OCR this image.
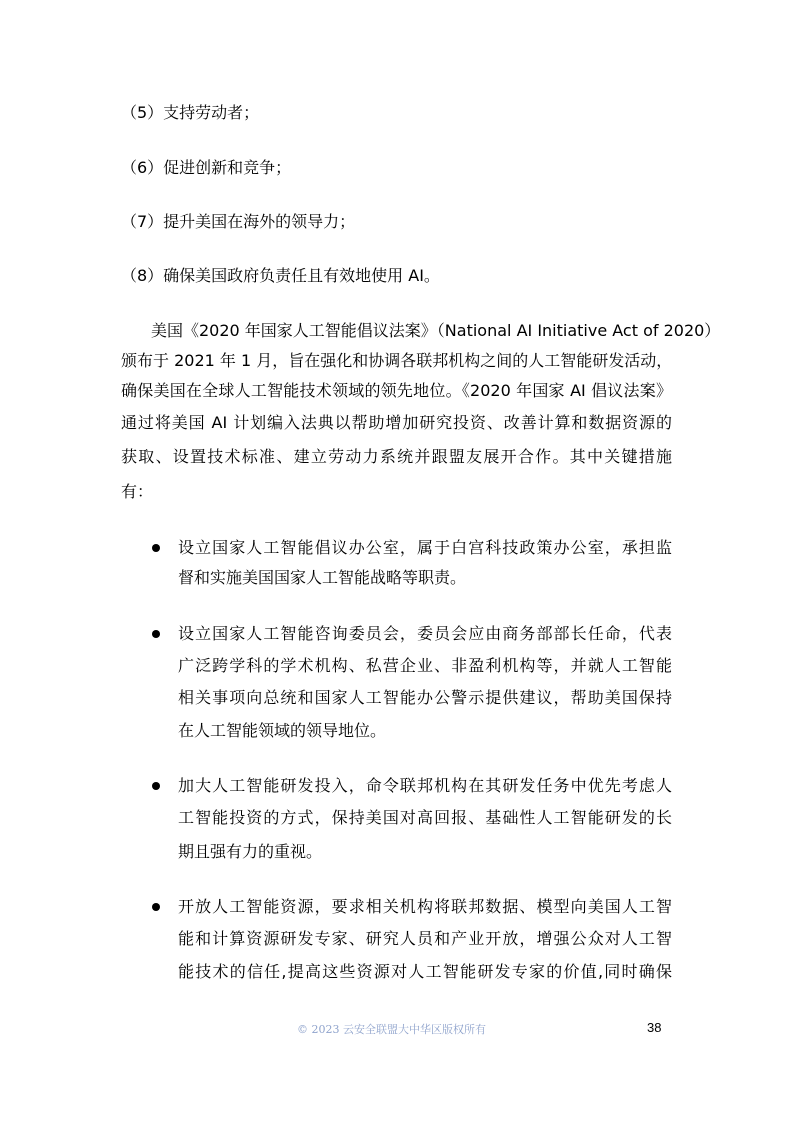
（5）支持劳动者；
（6）促进创新和竞争；
（7）提升美国在海外的领导力；
（8）确保美国政府负责任且有效地使用 AI。
美国《2020 年国家人工智能倡议法案》（National AI Initiative Act of 2020）
颁布于 2021 年 1 月，旨在强化和协调各联邦机构之间的人工智能研发活动，
确保美国在全球人工智能技术领域的领先地位。《2020 年国家 AI 倡议法案》
通过将美国 AI 计划编入法典以帮助增加研究投资、改善计算和数据资源的
获取、设置技术标准、建立劳动力系统并跟盟友展开合作。其中关键措施
有：
设立国家人工智能倡议办公室，属于白宫科技政策办公室，承担监
督和实施美国国家人工智能战略等职责。
设立国家人工智能咨询委员会，委员会应由商务部部长任命，代表
广泛跨学科的学术机构、私营企业、非盈利机构等，并就人工智能
相关事项向总统和国家人工智能办公警示提供建议，帮助美国保持
在人工智能领域的领导地位。
加大人工智能研发投入，命令联邦机构在其研发任务中优先考虑人
工智能投资的方式，保持美国对高回报、基础性人工智能研发的长
期且强有力的重视。
开放人工智能资源，要求相关机构将联邦数据、模型向美国人工智
能和计算资源研发专家、研究人员和产业开放，增强公众对人工智
能技术的信任,提高这些资源对人工智能研发专家的价值,同时确保
© 2023 云安全联盟大中华区版权所有	38
